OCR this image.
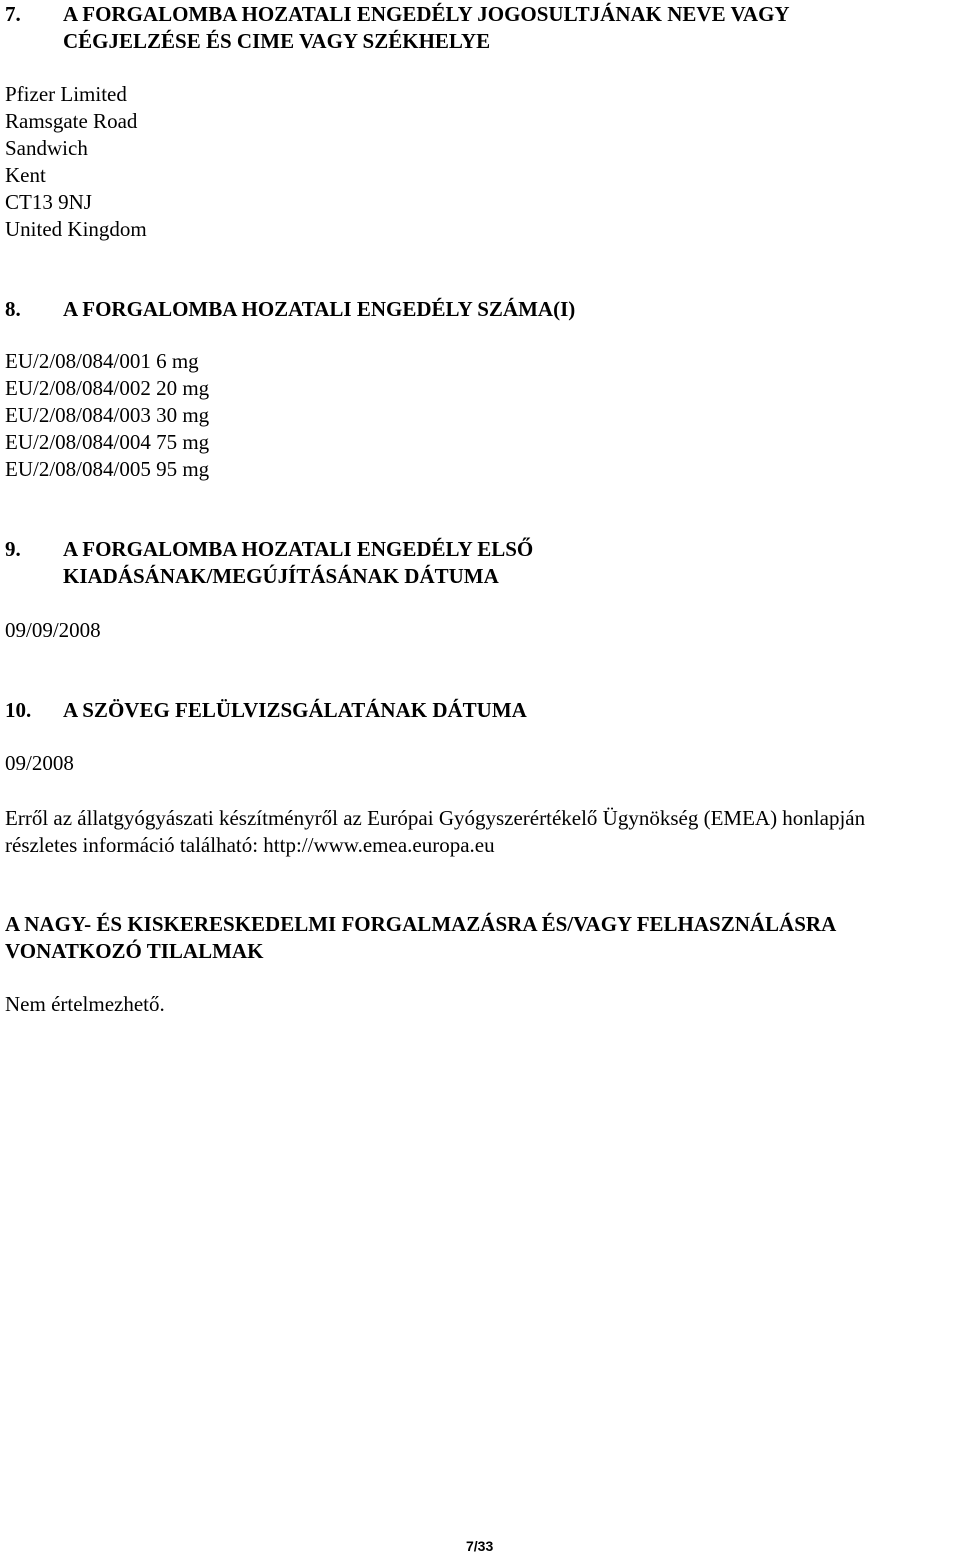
7. A FORGALOMBA HOZATALI ENGEDÉLY JOGOSULTJÁNAK NEVE VAGY
CÉGJELZÉSE ÉS CIME VAGY SZÉKHELYE
Pfizer Limited
Ramsgate Road
Sandwich
Kent
CT13 9NJ
United Kingdom
8. A FORGALOMBA HOZATALI ENGEDÉLY SZÁMA(I)
EU/2/08/084/001 6 mg
EU/2/08/084/002 20 mg
EU/2/08/084/003 30 mg
EU/2/08/084/004 75 mg
EU/2/08/084/005 95 mg
9. A FORGALOMBA HOZATALI ENGEDÉLY ELSŐ
KIADÁSÁNAK/MEGÚJÍTÁSÁNAK DÁTUMA
09/09/2008
10. A SZÖVEG FELÜLVIZSGÁLATÁNAK DÁTUMA
09/2008
Erről az állatgyógyászati készítményről az Európai Gyógyszerértékelő Ügynökség (EMEA) honlapján
részletes információ található: http://www.emea.europa.eu
A NAGY- ÉS KISKERESKEDELMI FORGALMAZÁSRA ÉS/VAGY FELHASZNÁLÁSRA
VONATKOZÓ TILALMAK
Nem értelmezhető.
7/33
